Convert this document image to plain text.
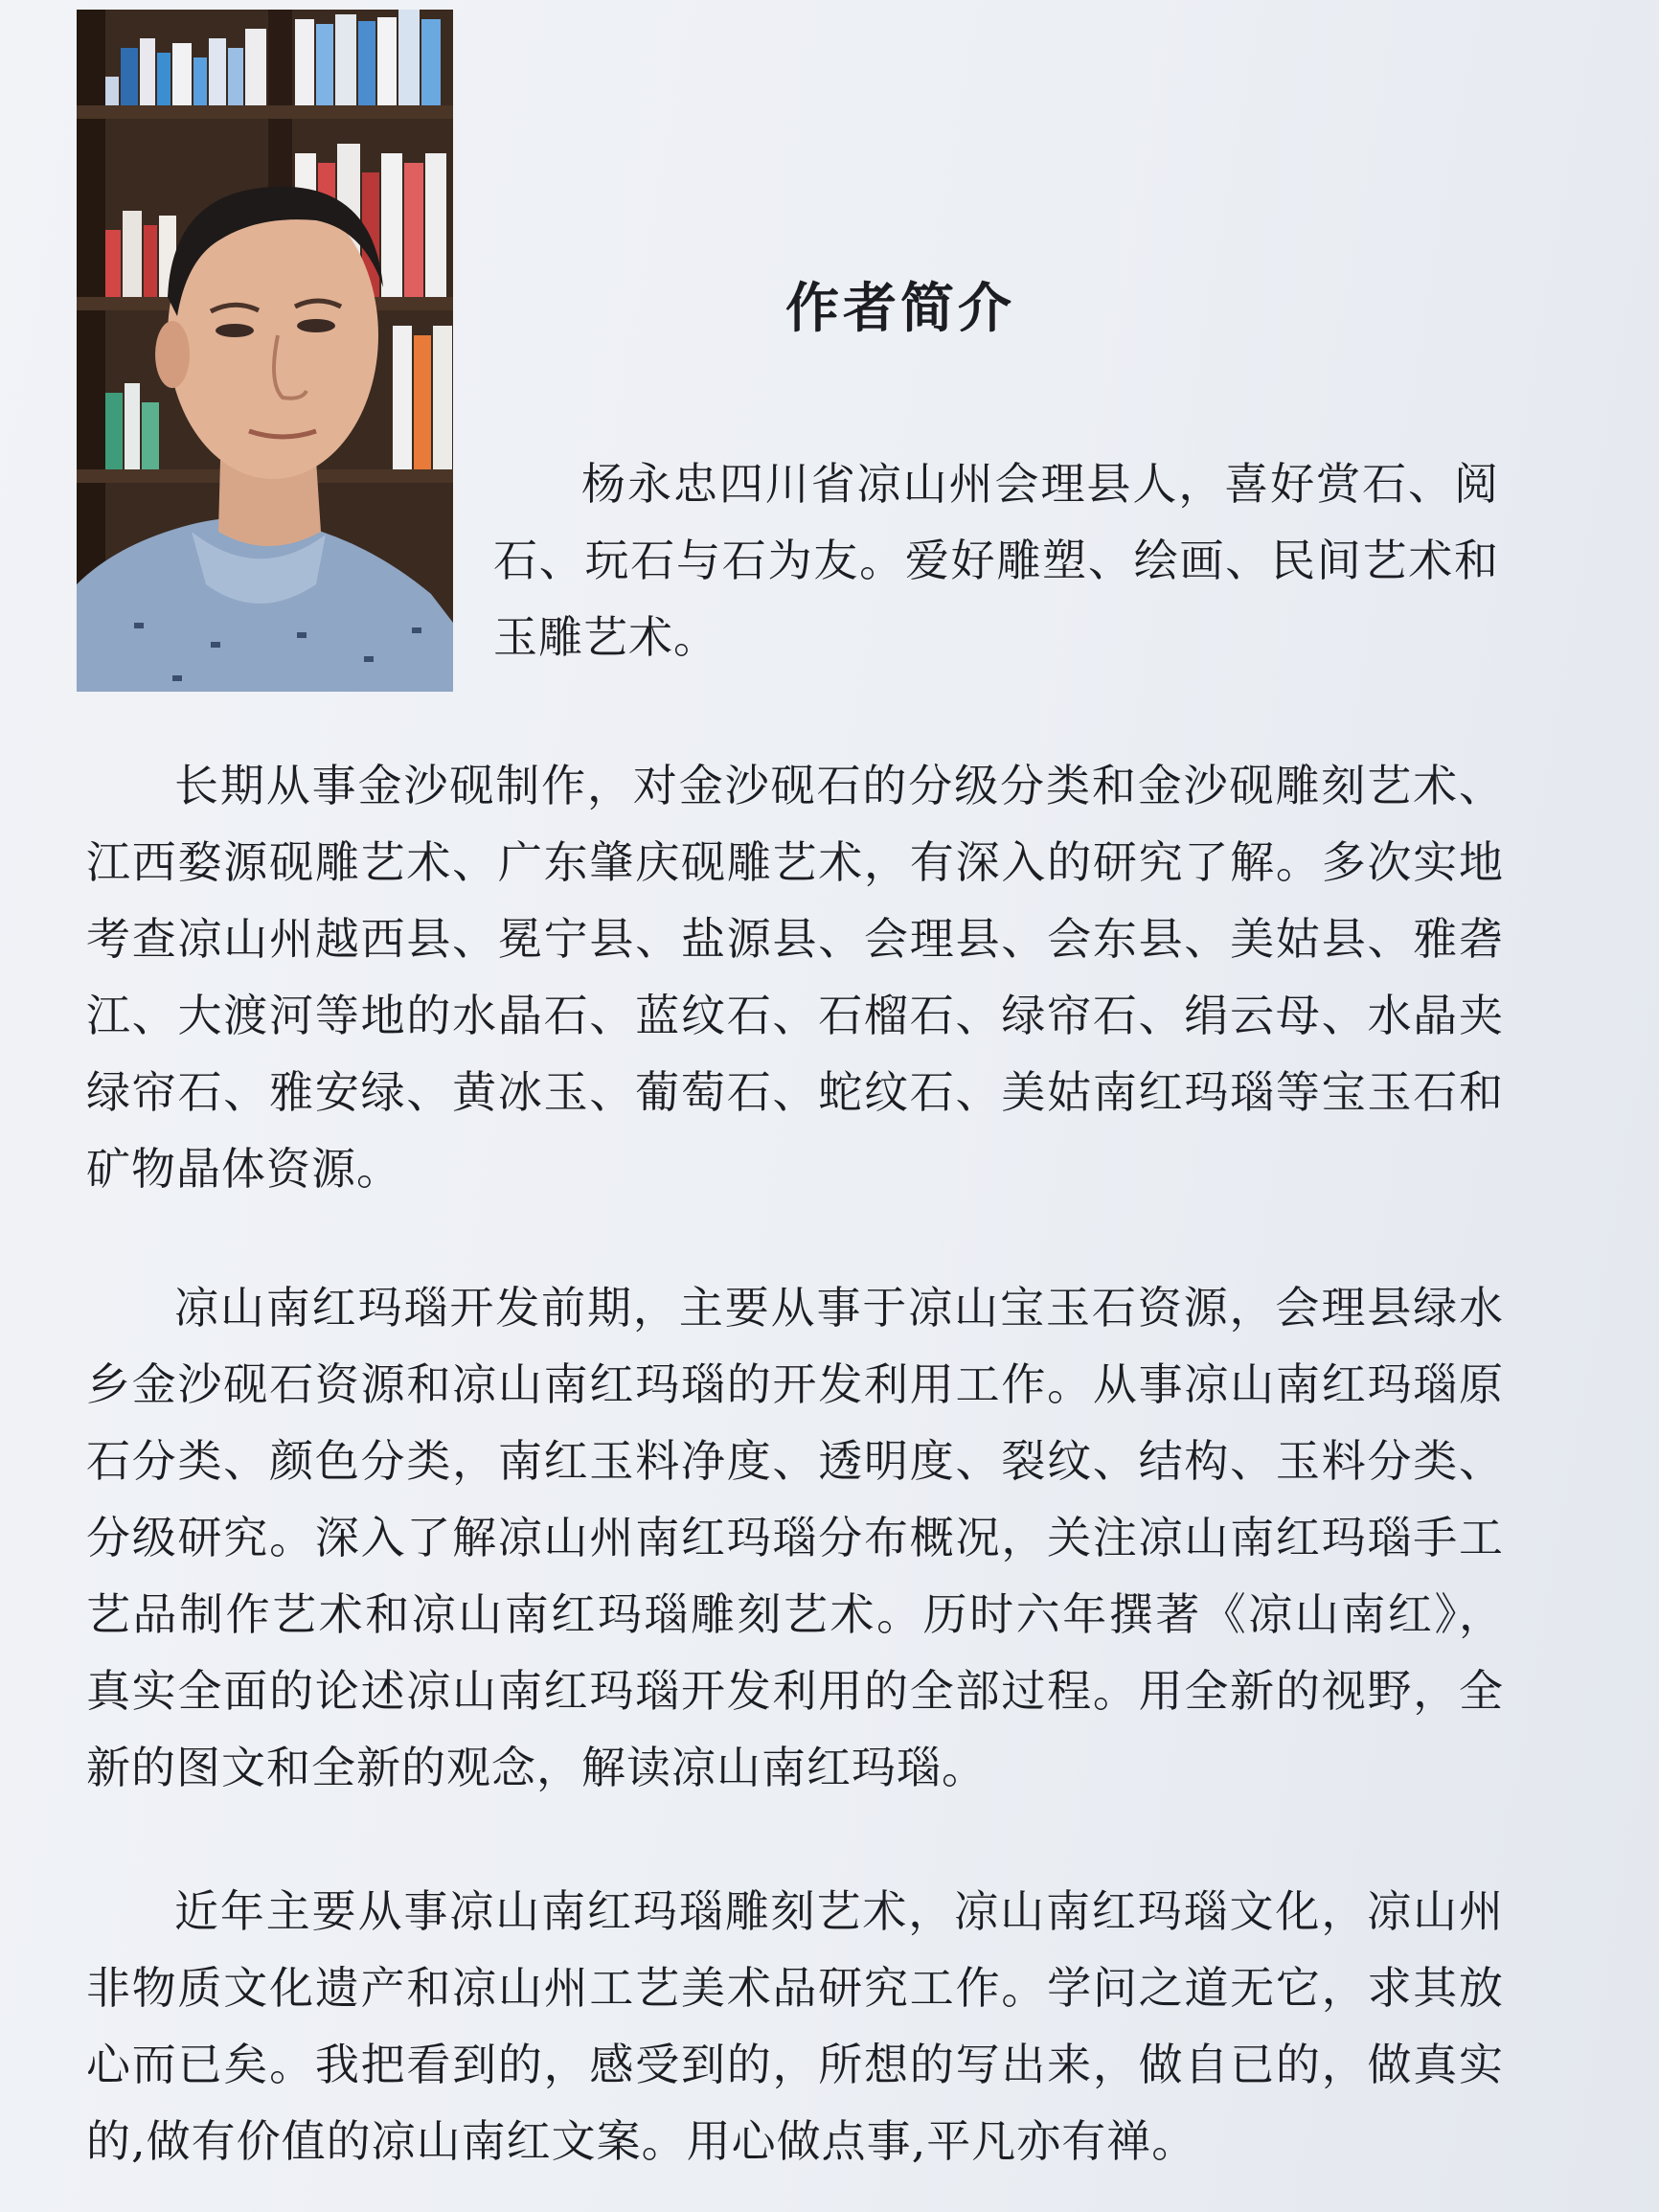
作者简介

杨永忠四川省凉山州会理县人，喜好赏石、阅石、玩石与石为友。爱好雕塑、绘画、民间艺术和玉雕艺术。

长期从事金沙砚制作，对金沙砚石的分级分类和金沙砚雕刻艺术、江西婺源砚雕艺术、广东肇庆砚雕艺术，有深入的研究了解。多次实地考查凉山州越西县、冕宁县、盐源县、会理县、会东县、美姑县、雅砻江、大渡河等地的水晶石、蓝纹石、石榴石、绿帘石、绢云母、水晶夹绿帘石、雅安绿、黄冰玉、葡萄石、蛇纹石、美姑南红玛瑙等宝玉石和矿物晶体资源。

凉山南红玛瑙开发前期，主要从事于凉山宝玉石资源，会理县绿水乡金沙砚石资源和凉山南红玛瑙的开发利用工作。从事凉山南红玛瑙原石分类、颜色分类，南红玉料净度、透明度、裂纹、结构、玉料分类、分级研究。深入了解凉山州南红玛瑙分布概况，关注凉山南红玛瑙手工艺品制作艺术和凉山南红玛瑙雕刻艺术。历时六年撰著《凉山南红》，真实全面的论述凉山南红玛瑙开发利用的全部过程。用全新的视野，全新的图文和全新的观念，解读凉山南红玛瑙。

近年主要从事凉山南红玛瑙雕刻艺术，凉山南红玛瑙文化，凉山州非物质文化遗产和凉山州工艺美术品研究工作。学问之道无它，求其放心而已矣。我把看到的，感受到的，所想的写出来，做自已的，做真实的,做有价值的凉山南红文案。用心做点事,平凡亦有禅。
